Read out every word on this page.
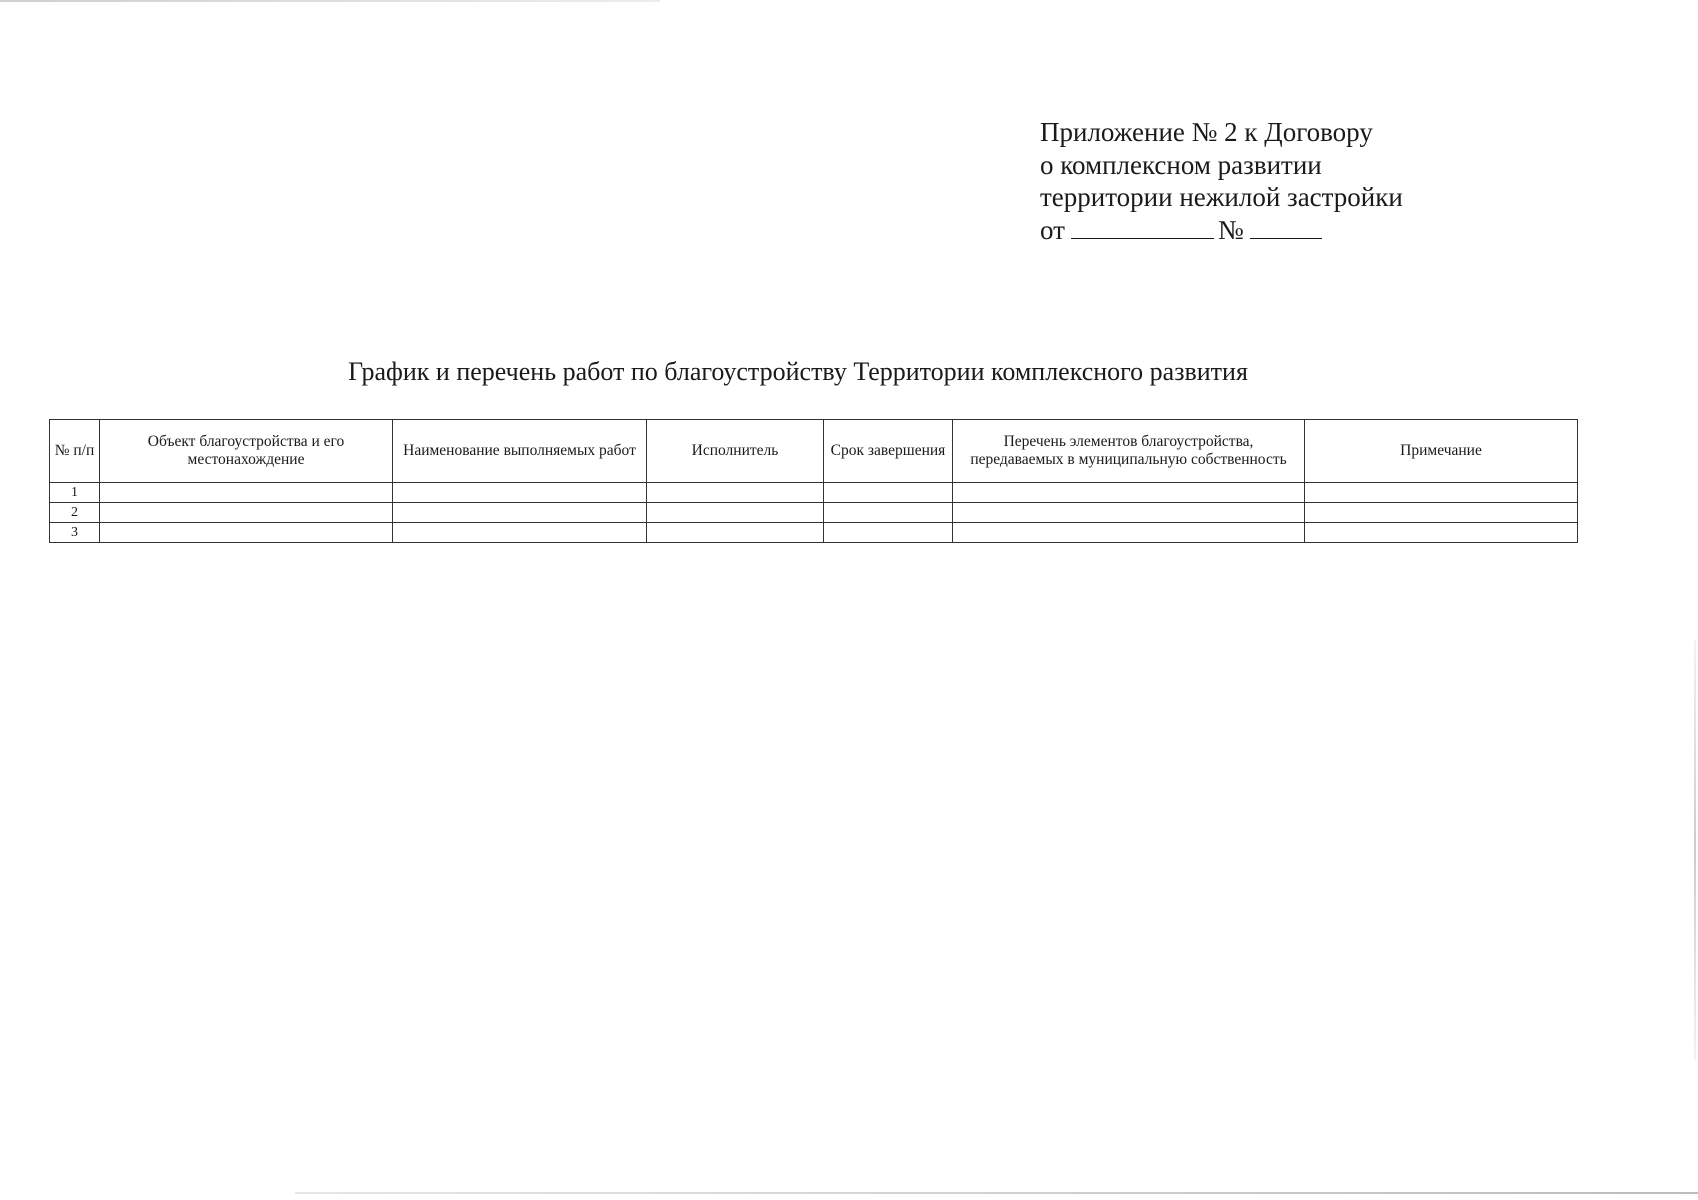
Приложение № 2 к Договору
о комплексном развитии
территории нежилой застройки
от	№
График и перечень работ по благоустройству Территории комплексного развития
№ п/п	Объект благоустройства и его местонахождение	Наименование выполняемых работ	Исполнитель	Срок завершения	Перечень элементов благоустройства, передаваемых в муниципальную собственность	Примечание
1						
2						
3						
